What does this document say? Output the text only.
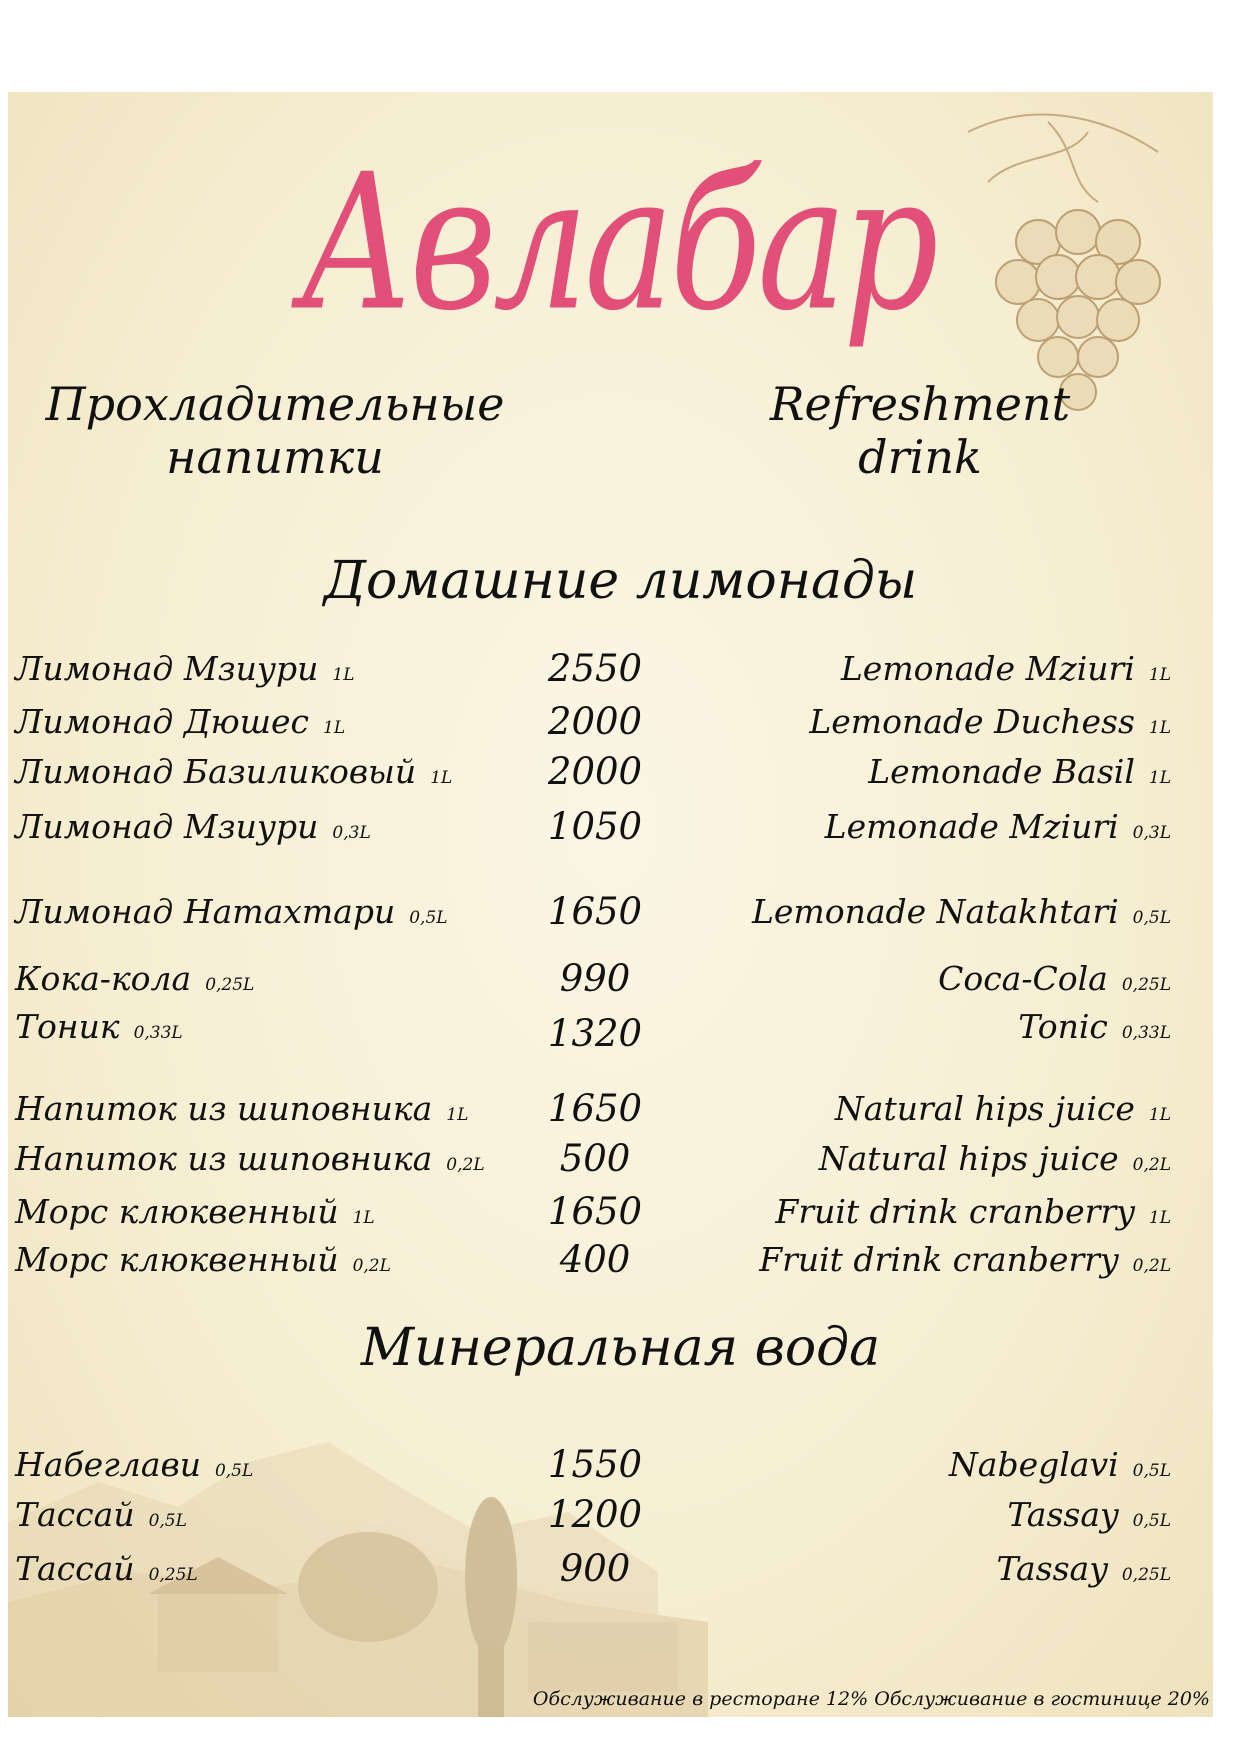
Авлабар
Прохладительные напитки
Refreshment drink
Домашние лимонады
Лимонад Мзиури 1L	2550	Lemonade Mziuri 1L
Лимонад Дюшес 1L	2000	Lemonade Duchess 1L
Лимонад Базиликовый 1L	2000	Lemonade Basil 1L
Лимонад Мзиури 0,3L	1050	Lemonade Mziuri 0,3L
Лимонад Натахтари 0,5L	1650	Lemonade Natakhtari 0,5L
Кока-кола 0,25L	990	Coca-Cola 0,25L
Тоник 0,33L	1320	Tonic 0,33L
Напиток из шиповника 1L	1650	Natural hips juice 1L
Напиток из шиповника 0,2L	500	Natural hips juice 0,2L
Морс клюквенный 1L	1650	Fruit drink cranberry 1L
Морс клюквенный 0,2L	400	Fruit drink cranberry 0,2L
Минеральная вода
Набеглави 0,5L	1550	Nabeglavi 0,5L
Тассай 0,5L	1200	Tassay 0,5L
Тассай 0,25L	900	Tassay 0,25L
Обслуживание в ресторане 12% Обслуживание в гостинице 20%
